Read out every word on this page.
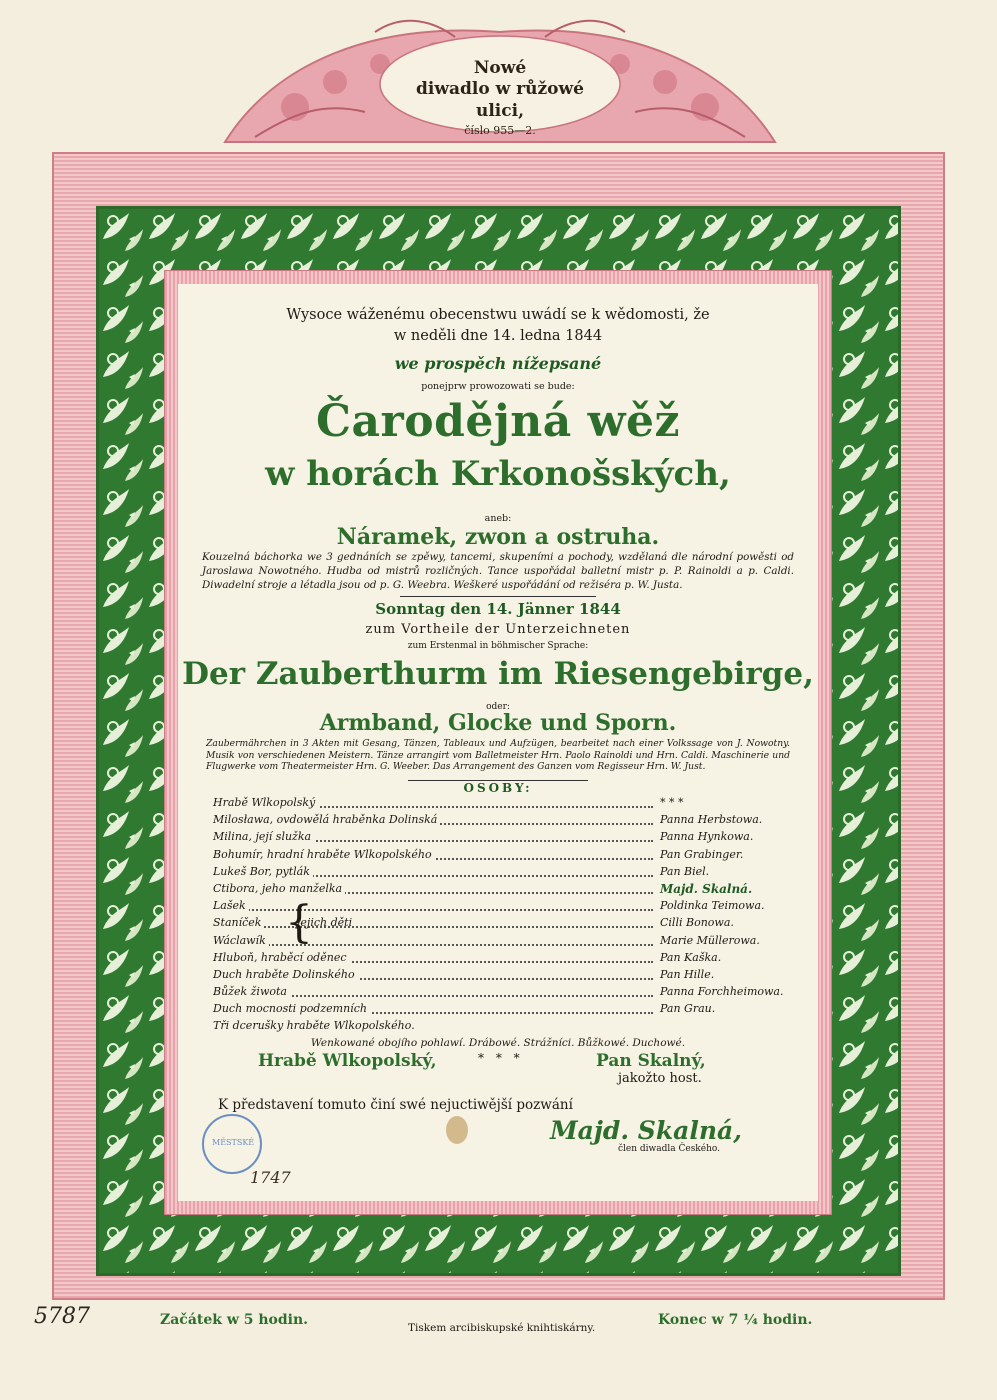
Nowé
diwadlo w růžowé ulici,
číslo 955—2.
Wysoce wáženému obecenstwu uwádí se k wědomosti, že
w neděli dne 14. ledna 1844
we prospěch nížepsané
ponejprw prowozowati se bude:
Čarodějná wěž
w horách Krkonošských,
aneb:
Náramek, zwon a ostruha.
Kouzelná báchorka we 3 gednáních se zpěwy, tancemi, skupeními a pochody, wzdělaná dle národní powěsti od Jaroslawa Nowotného. Hudba od mistrů rozličných. Tance uspořádal balletní mistr p. P. Rainoldi a p. Caldi. Diwadelní stroje a létadla jsou od p. G. Weebra. Weškeré uspořádání od režiséra p. W. Justa.
Sonntag den 14. Jänner 1844
zum Vortheile der Unterzeichneten
zum Erstenmal in böhmischer Sprache:
Der Zauberthurm im Riesengebirge,
oder:
Armband, Glocke und Sporn.
Zaubermährchen in 3 Akten mit Gesang, Tänzen, Tableaux und Aufzügen, bearbeitet nach einer Volkssage von J. Nowotny. Musik von verschiedenen Meistern. Tänze arrangirt vom Balletmeister Hrn. Paolo Rainoldi und Hrn. Caldi. Maschinerie und Flugwerke vom Theatermeister Hrn. G. Weeber. Das Arrangement des Ganzen vom Regisseur Hrn. W. Just.
OSOBY:
Hrabě Wlkopolský	* * *
Milosława, ovdowělá hraběnka Dolinská	Panna Herbstowa.
Milina, její služka	Panna Hynkowa.
Bohumír, hradní hraběte Wlkopolského	Pan Grabinger.
Lukeš Bor, pytlák	Pan Biel.
Ctibora, jeho manželka	Majd. Skalná.
Lašek	Poldinka Teimowa.
Staníček	Cilli Bonowa.
Wáclawík	Marie Müllerowa.
Hluboň, hraběcí oděnec	Pan Kaška.
Duch hraběte Dolinského	Pan Hille.
Bůžek žiwota	Panna Forchheimowa.
Duch mocnosti podzemních	Pan Grau.
Tři dcerušky hraběte Wlkopolského.
{
jejich děti
Wenkowané obojího pohlawí. Drábowé. Strážníci. Bůžkowé. Duchowé.
Hrabě Wlkopolský,	* * *	Pan Skalný,
jakožto host.
K představení tomuto činí swé nejuctiwější pozwání
Majd. Skalná,
člen diwadla Českého.
MĚSTSKÉ
1747
5787	Začátek w 5 hodin.	Tiskem arcibiskupské knihtiskárny.	Konec w 7 ¼ hodin.
